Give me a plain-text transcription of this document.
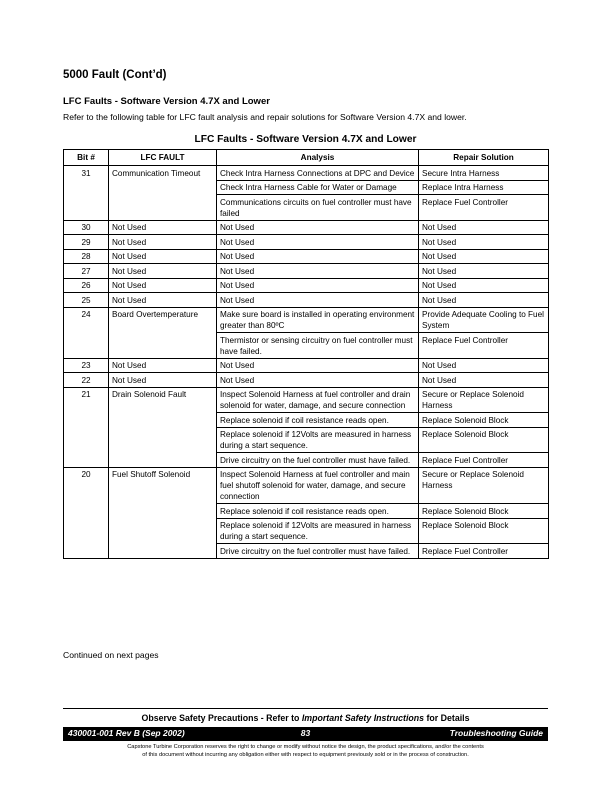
5000 Fault (Cont’d)
LFC Faults - Software Version 4.7X and Lower
Refer to the following table for LFC fault analysis and repair solutions for Software Version 4.7X and lower.
LFC Faults - Software Version 4.7X and Lower
Bit #	LFC FAULT	Analysis	Repair Solution
31	Communication Timeout	Check Intra Harness Connections at DPC and Device	Secure Intra Harness
		Check Intra Harness Cable for Water or Damage	Replace Intra Harness
		Communications circuits on fuel controller must have failed	Replace Fuel Controller
30	Not Used	Not Used	Not Used
29	Not Used	Not Used	Not Used
28	Not Used	Not Used	Not Used
27	Not Used	Not Used	Not Used
26	Not Used	Not Used	Not Used
25	Not Used	Not Used	Not Used
24	Board Overtemperature	Make sure board is installed in operating environment greater than 80ºC	Provide Adequate Cooling to Fuel System
		Thermistor or sensing circuitry on fuel controller must have failed.	Replace Fuel Controller
23	Not Used	Not Used	Not Used
22	Not Used	Not Used	Not Used
21	Drain Solenoid Fault	Inspect Solenoid Harness at fuel controller and drain solenoid for water, damage, and secure connection	Secure or Replace Solenoid Harness
		Replace solenoid if coil resistance reads open.	Replace Solenoid Block
		Replace solenoid if 12Volts are measured in harness during a start sequence.	Replace Solenoid Block
		Drive circuitry on the fuel controller must have failed.	Replace Fuel Controller
20	Fuel Shutoff Solenoid	Inspect Solenoid Harness at fuel controller and main fuel shutoff solenoid for water, damage, and secure connection	Secure or Replace Solenoid Harness
		Replace solenoid if coil resistance reads open.	Replace Solenoid Block
		Replace solenoid if 12Volts are measured in harness during a start sequence.	Replace Solenoid Block
		Drive circuitry on the fuel controller must have failed.	Replace Fuel Controller
Continued on next pages
Observe Safety Precautions - Refer to Important Safety Instructions for Details
430001-001 Rev B (Sep 2002)	83	Troubleshooting Guide
Capstone Turbine Corporation reserves the right to change or modify without notice the design, the product specifications, and/or the contents
of this document without incurring any obligation either with respect to equipment previously sold or in the process of construction.
